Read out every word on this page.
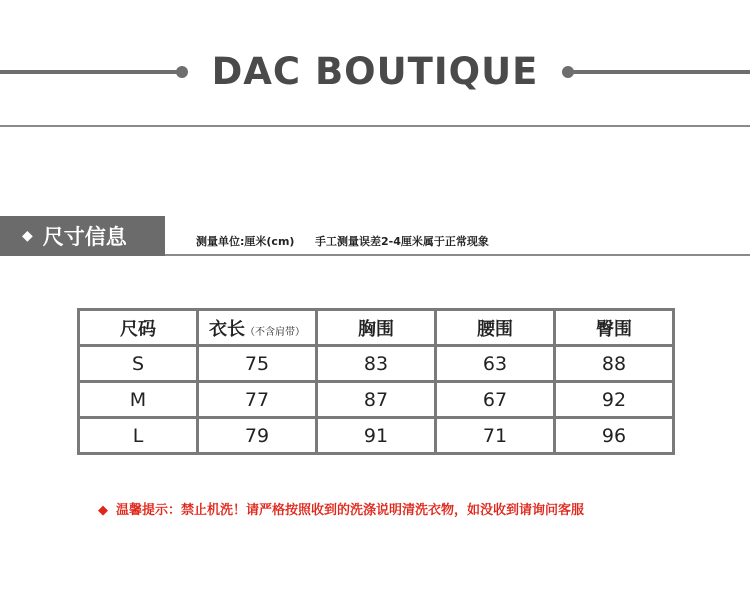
DAC BOUTIQUE
◆ 尺寸信息	测量单位:厘米(cm) 手工测量误差2-4厘米属于正常现象
尺码	衣长（不含肩带）	胸围	腰围	臀围
S	75	83	63	88
M	77	87	67	92
L	79	91	71	96
◆ 温馨提示：禁止机洗！请严格按照收到的洗涤说明清洗衣物，如没收到请询问客服
